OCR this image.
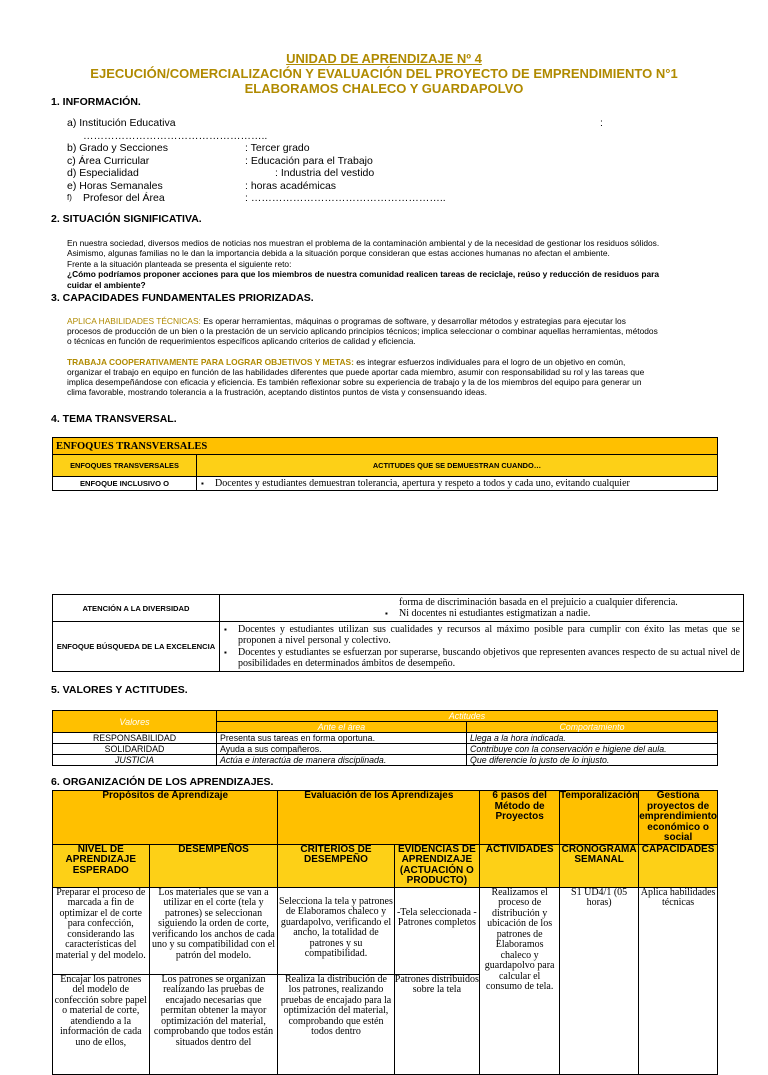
UNIDAD DE APRENDIZAJE Nº 4
EJECUCIÓN/COMERCIALIZACIÓN Y EVALUACIÓN DEL PROYECTO DE EMPRENDIMIENTO N°1
ELABORAMOS CHALECO Y GUARDAPOLVO
1. INFORMACIÓN.
a) Institución Educativa	:
……………………………………………..
b) Grado y Secciones	: Tercer grado
c) Área Curricular	: Educación para el Trabajo
d) Especialidad	: Industria del vestido
e) Horas Semanales	: horas académicas
f) Profesor del Área	: ………………………………………………..
2. SITUACIÓN SIGNIFICATIVA.
En nuestra sociedad, diversos medios de noticias nos muestran el problema de la contaminación ambiental y de la necesidad de gestionar los residuos sólidos.
Asimismo, algunas familias no le dan la importancia debida a la situación porque consideran que estas acciones humanas no afectan el ambiente.
Frente a la situación planteada se presenta el siguiente reto:
¿Cómo podríamos proponer acciones para que los miembros de nuestra comunidad realicen tareas de reciclaje, reúso y reducción de residuos para
cuidar el ambiente?
3. CAPACIDADES FUNDAMENTALES PRIORIZADAS.
APLICA HABILIDADES TÉCNICAS: Es operar herramientas, máquinas o programas de software, y desarrollar métodos y estrategias para ejecutar los
procesos de producción de un bien o la prestación de un servicio aplicando principios técnicos; implica seleccionar o combinar aquellas herramientas, métodos
o técnicas en función de requerimientos específicos aplicando criterios de calidad y eficiencia.
TRABAJA COOPERATIVAMENTE PARA LOGRAR OBJETIVOS Y METAS: es integrar esfuerzos individuales para el logro de un objetivo en común,
organizar el trabajo en equipo en función de las habilidades diferentes que puede aportar cada miembro, asumir con responsabilidad su rol y las tareas que
implica desempeñándose con eficacia y eficiencia. Es también reflexionar sobre su experiencia de trabajo y la de los miembros del equipo para generar un
clima favorable, mostrando tolerancia a la frustración, aceptando distintos puntos de vista y consensuando ideas.
4. TEMA TRANSVERSAL.
ENFOQUES TRANSVERSALES	
ENFOQUES TRANSVERSALES	ACTITUDES QUE SE DEMUESTRAN CUANDO…
ENFOQUE INCLUSIVO O	▪ Docentes y estudiantes demuestran tolerancia, apertura y respeto a todos y cada uno, evitando cualquier
ATENCIÓN A LA DIVERSIDAD	forma de discriminación basada en el prejuicio a cualquier diferencia.
▪ Ni docentes ni estudiantes estigmatizan a nadie.

ENFOQUE BÚSQUEDA DE LA EXCELENCIA	▪ Docentes y estudiantes utilizan sus cualidades y recursos al máximo posible para cumplir con éxito las metas que se proponen a nivel personal y colectivo.
▪ Docentes y estudiantes se esfuerzan por superarse, buscando objetivos que representen avances respecto de su actual nivel de posibilidades en determinados ámbitos de desempeño.
5. VALORES Y ACTITUDES.
Valores	Actitudes	
	Ante el área	Comportamiento
RESPONSABILIDAD	Presenta sus tareas en forma oportuna.	Llega a la hora indicada.
SOLIDARIDAD	Ayuda a sus compañeros.	Contribuye con la conservación e higiene del aula.
JUSTICIA	Actúa e interactúa de manera disciplinada.	Que diferencie lo justo de lo injusto.
6. ORGANIZACIÓN DE LOS APRENDIZAJES.
Propósitos de Aprendizaje		Evaluación de los Aprendizajes		6 pasos del Método de Proyectos	Temporalización	Gestiona proyectos de emprendimiento económico o social
NIVEL DE APRENDIZAJE ESPERADO	DESEMPEÑOS	CRITERIOS DE DESEMPEÑO	EVIDENCIAS DE APRENDIZAJE (ACTUACIÓN O PRODUCTO)	ACTIVIDADES	CRONOGRAMA SEMANAL	CAPACIDADES
Preparar el proceso de marcada a fin de optimizar el de corte para confección, considerando las características del material y del modelo.	Los materiales que se van a utilizar en el corte (tela y patrones) se seleccionan siguiendo la orden de corte, verificando los anchos de cada uno y su compatibilidad con el patrón del modelo.	Selecciona la tela y patrones de Elaboramos chaleco y guardapolvo, verificando el ancho, la totalidad de patrones y su compatibilidad.	-Tela seleccionada - Patrones completos	Realizamos el proceso de distribución y ubicación de los patrones de Elaboramos chaleco y guardapolvo para calcular el consumo de tela.	S1 UD4/1 (05 horas)	Aplica habilidades técnicas
Encajar los patrones del modelo de confección sobre papel o material de corte, atendiendo a la información de cada uno de ellos,	Los patrones se organizan realizando las pruebas de encajado necesarias que permitan obtener la mayor optimización del material, comprobando que todos están situados dentro del	Realiza la distribución de los patrones, realizando pruebas de encajado para la optimización del material, comprobando que estén todos dentro	Patrones distribuidos sobre la tela			
